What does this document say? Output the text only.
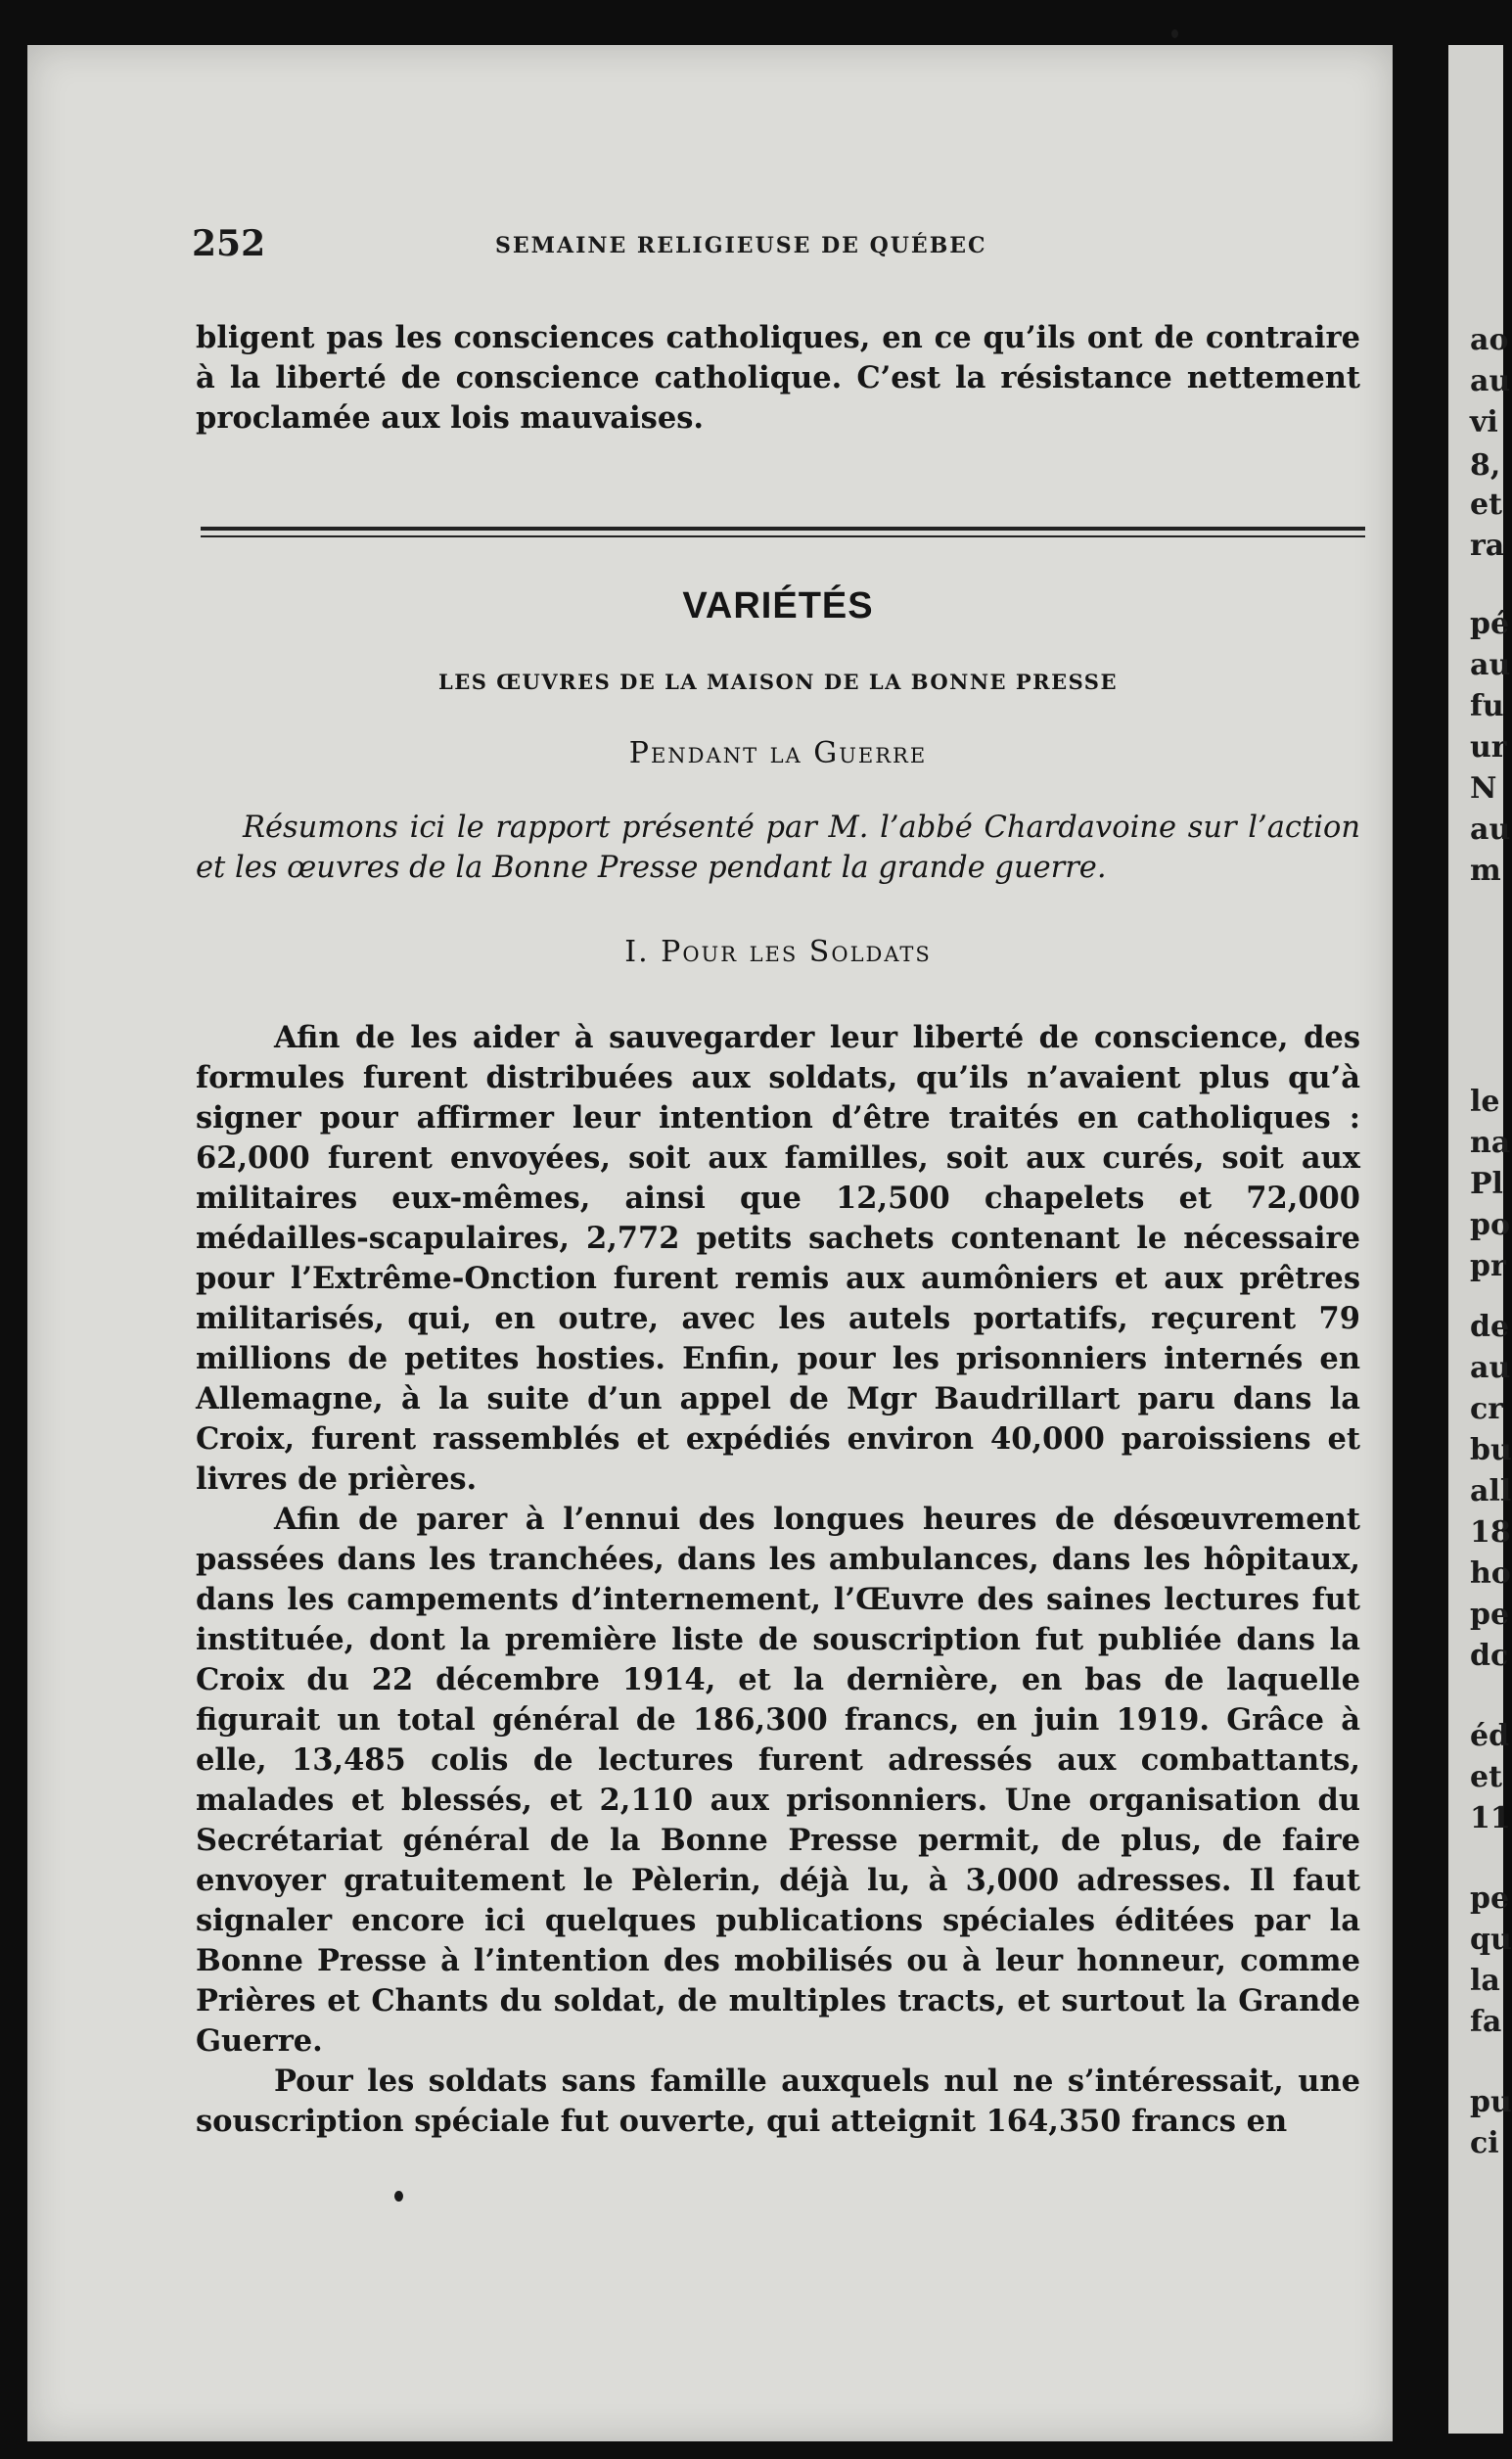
ao
au
vi
8,
et
ra
pé
au
fu
ur
N
au
m
le
na
Pl
po
pr
de
au
cr
bu
all
18
ho
pe
dc
éd
et
11
pe
qu
la
fa
pu
ci
252	SEMAINE RELIGIEUSE DE QUÉBEC

bligent pas les consciences catholiques, en ce qu’ils ont de contraire à la liberté de conscience catholique. C’est la résistance nettement proclamée aux lois mauvaises.

VARIÉTÉS
LES ŒUVRES DE LA MAISON DE LA BONNE PRESSE
Pendant la Guerre

Résumons ici le rapport présenté par M. l’abbé Chardavoine sur l’action et les œuvres de la Bonne Presse pendant la grande guerre.

I. Pour les Soldats

Afin de les aider à sauvegarder leur liberté de conscience, des formules furent distribuées aux soldats, qu’ils n’avaient plus qu’à signer pour affirmer leur intention d’être traités en catholiques : 62,000 furent envoyées, soit aux familles, soit aux curés, soit aux militaires eux-mêmes, ainsi que 12,500 chapelets et 72,000 médailles-scapulaires, 2,772 petits sachets contenant le nécessaire pour l’Extrême-Onction furent remis aux aumôniers et aux prêtres militarisés, qui, en outre, avec les autels portatifs, reçurent 79 millions de petites hosties. Enfin, pour les prisonniers internés en Allemagne, à la suite d’un appel de Mgr Baudrillart paru dans la Croix, furent rassemblés et expédiés environ 40,000 paroissiens et livres de prières.

Afin de parer à l’ennui des longues heures de désœuvrement passées dans les tranchées, dans les ambulances, dans les hôpitaux, dans les campements d’internement, l’Œuvre des saines lectures fut instituée, dont la première liste de souscription fut publiée dans la Croix du 22 décembre 1914, et la dernière, en bas de laquelle figurait un total général de 186,300 francs, en juin 1919. Grâce à elle, 13,485 colis de lectures furent adressés aux combattants, malades et blessés, et 2,110 aux prisonniers. Une organisation du Secrétariat général de la Bonne Presse permit, de plus, de faire envoyer gratuitement le Pèlerin, déjà lu, à 3,000 adresses. Il faut signaler encore ici quelques publications spéciales éditées par la Bonne Presse à l’intention des mobilisés ou à leur honneur, comme Prières et Chants du soldat, de multiples tracts, et surtout la Grande Guerre.

Pour les soldats sans famille auxquels nul ne s’intéressait, une souscription spéciale fut ouverte, qui atteignit 164,350 francs en
